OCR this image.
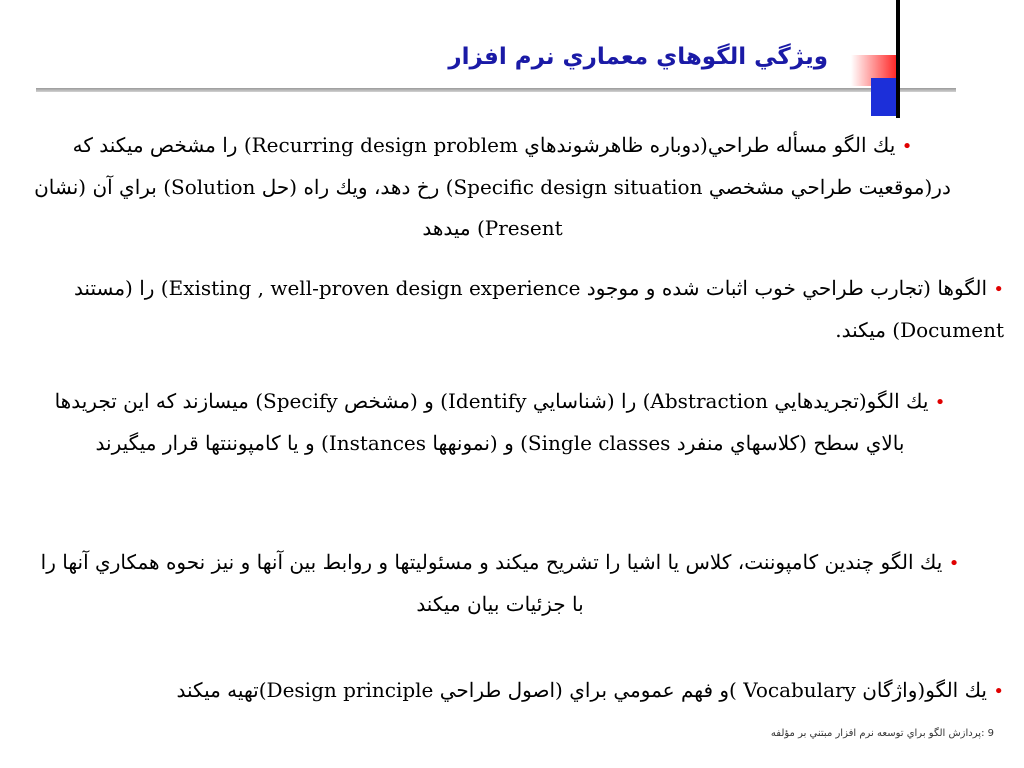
ويژگي الگوهاي معماري نرم افزار

• يك الگو مسأله طراحي(دوباره ظاهرشوندهاي Recurring design problem) را مشخص ميكند كه در(موقعيت طراحي مشخصي Specific design situation) رخ دهد، ويك راه (حل Solution) براي آن (نشان Present) ميدهد

• الگوها (تجارب طراحي خوب اثبات شده و موجود Existing , well-proven design experience) را (مستند Document) ميكند.

• يك الگو(تجريدهايي Abstraction) را (شناسايي Identify) و (مشخص Specify) ميسازند كه اين تجريدها بالاي سطح (كلاسهاي منفرد Single classes) و (نمونهها Instances) و يا كامپوننتها قرار ميگيرند

• يك الگو چندين كامپوننت، كلاس يا اشيا را تشريح ميكند و مسئوليتها و روابط بين آنها و نيز نحوه همكاري آنها را با جزئيات بيان ميكند

• يك الگو(واژگان Vocabulary )و فهم عمومي براي (اصول طراحي Design principle)تهيه ميكند

9 :پردازش الگو براي توسعه نرم افزار مبتني بر مؤلفه
